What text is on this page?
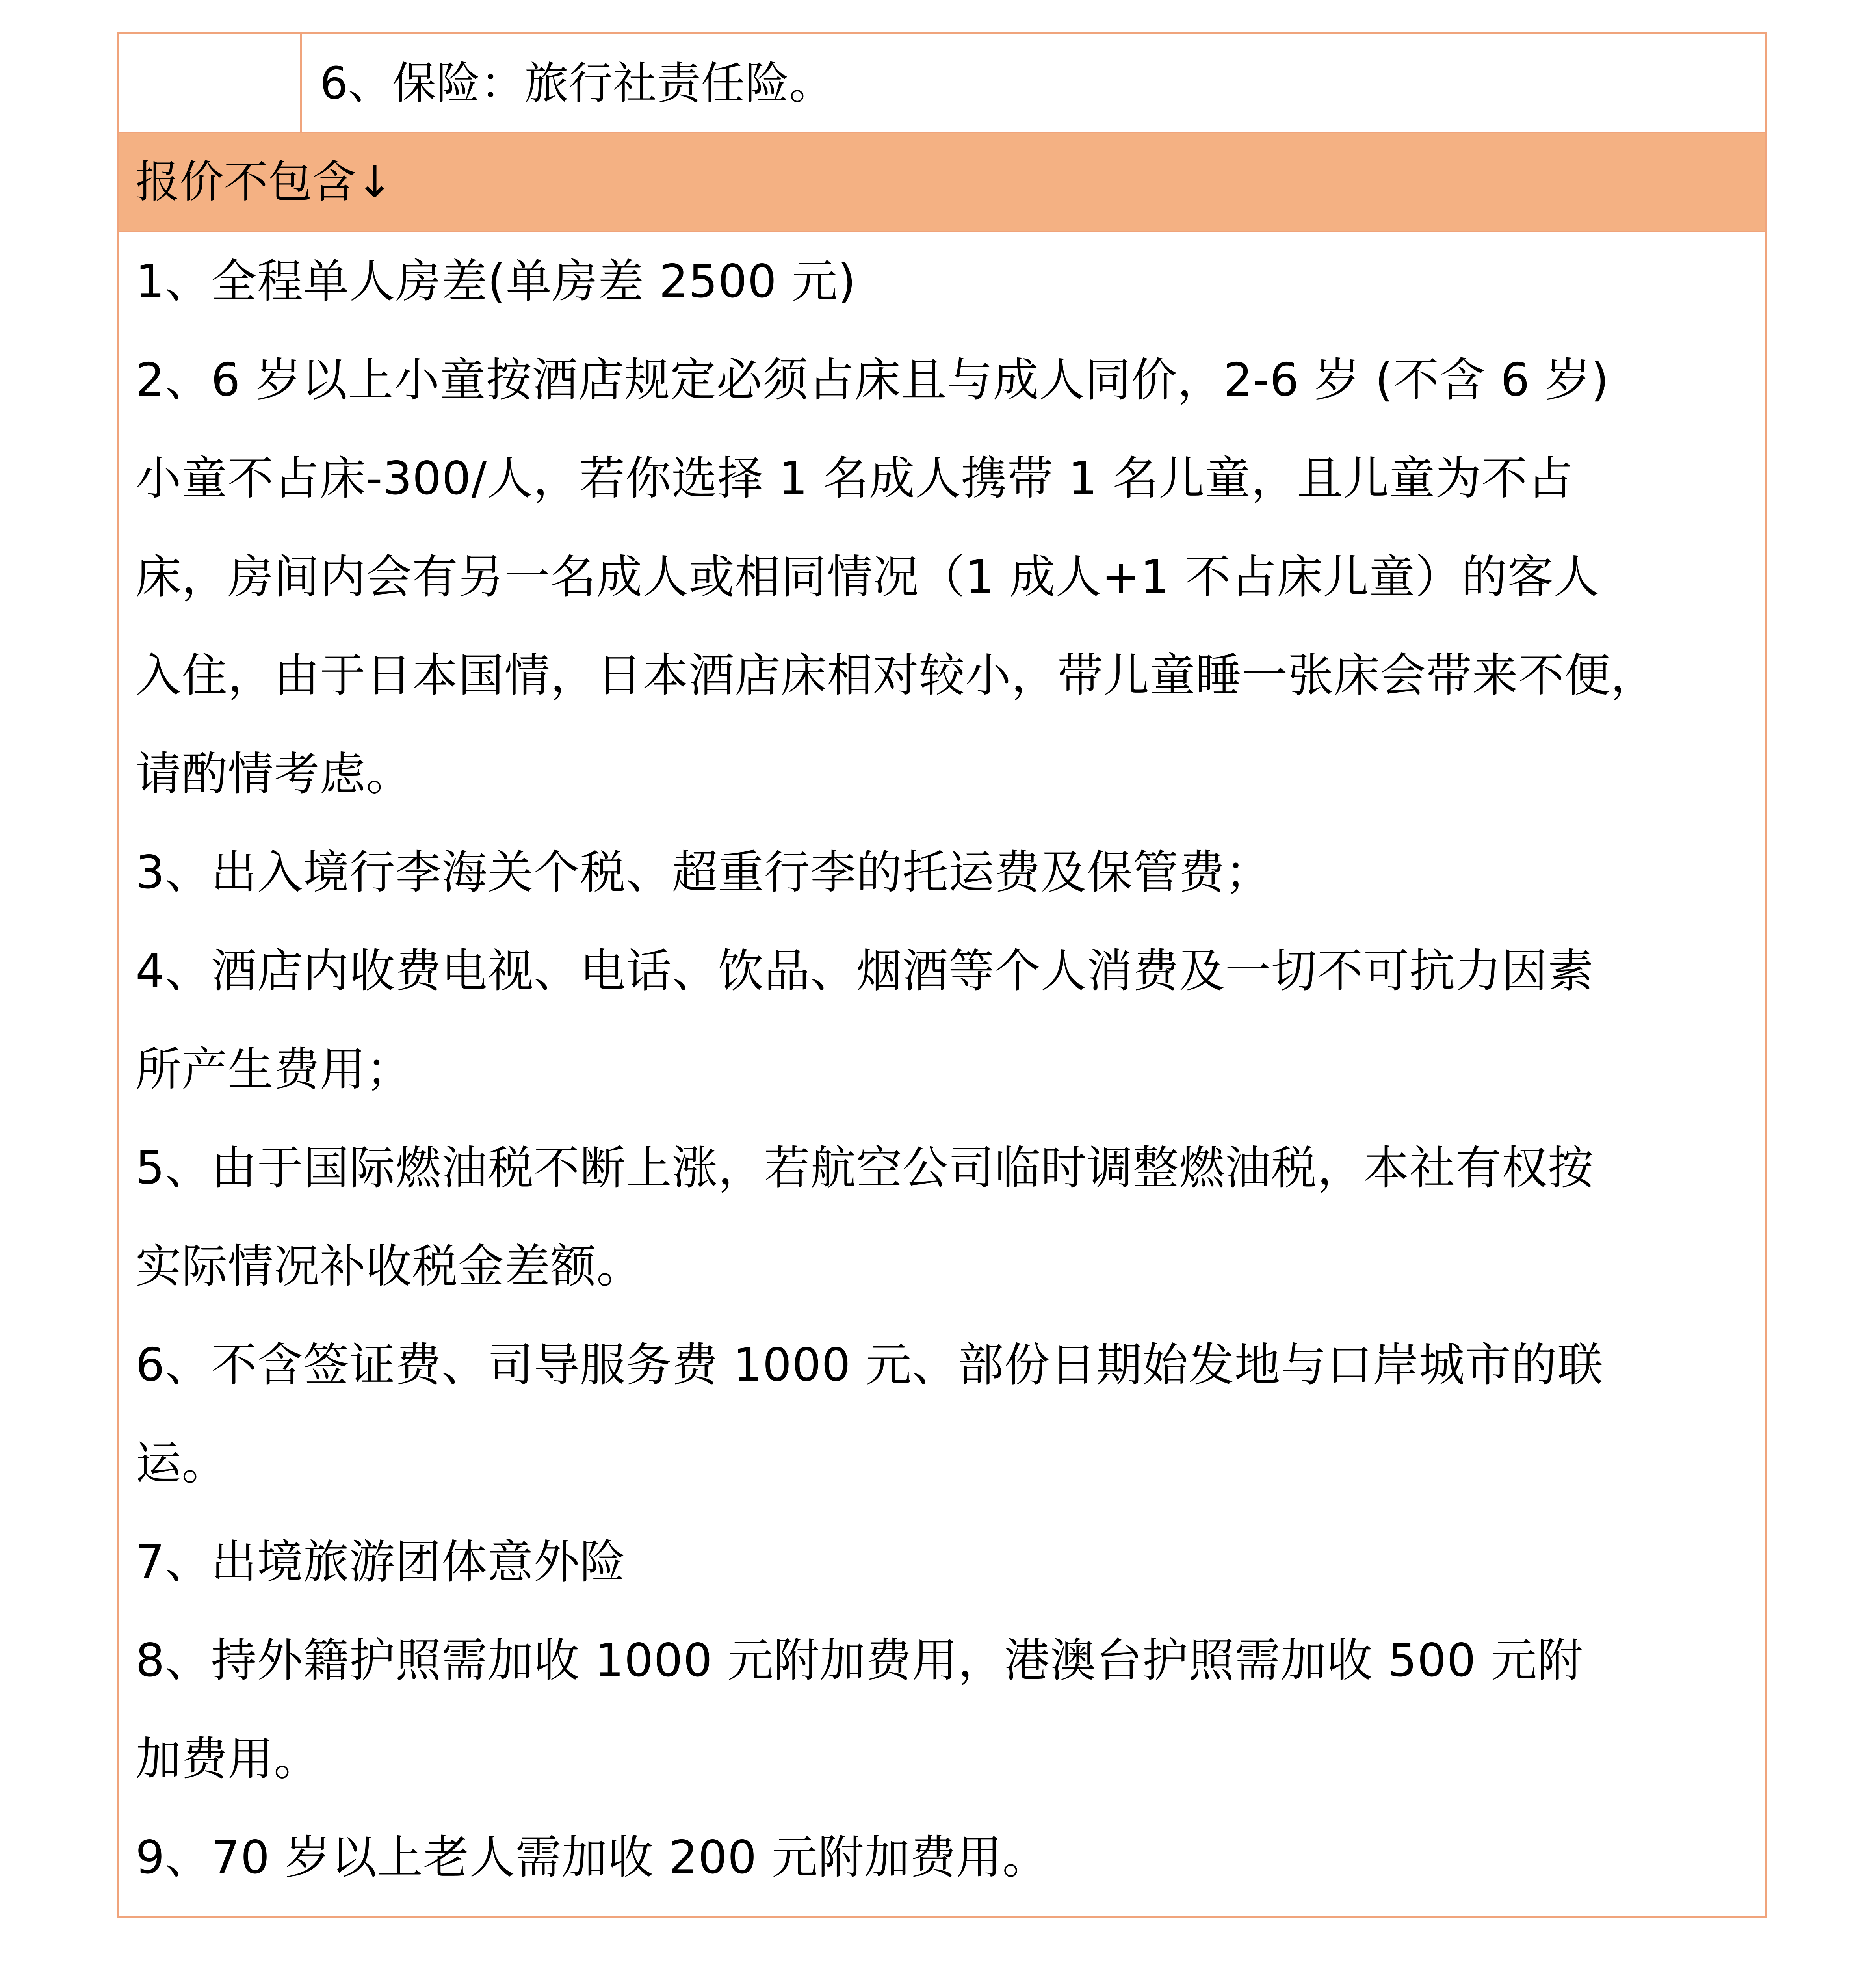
6、保险：旅行社责任险。
报价不包含↓

1、全程单人房差(单房差 2500 元)

2、6 岁以上小童按酒店规定必须占床且与成人同价，2-6 岁 (不含 6 岁)

小童不占床-300/人，若你选择 1 名成人携带 1 名儿童，且儿童为不占

床，房间内会有另一名成人或相同情况（1 成人+1 不占床儿童）的客人

入住，由于日本国情，日本酒店床相对较小，带儿童睡一张床会带来不便，

请酌情考虑。

3、出入境行李海关个税、超重行李的托运费及保管费；

4、酒店内收费电视、电话、饮品、烟酒等个人消费及一切不可抗力因素

所产生费用；

5、由于国际燃油税不断上涨，若航空公司临时调整燃油税，本社有权按

实际情况补收税金差额。

6、不含签证费、司导服务费 1000 元、部份日期始发地与口岸城市的联

运。

7、出境旅游团体意外险

8、持外籍护照需加收 1000 元附加费用，港澳台护照需加收 500 元附

加费用。

9、70 岁以上老人需加收 200 元附加费用。
